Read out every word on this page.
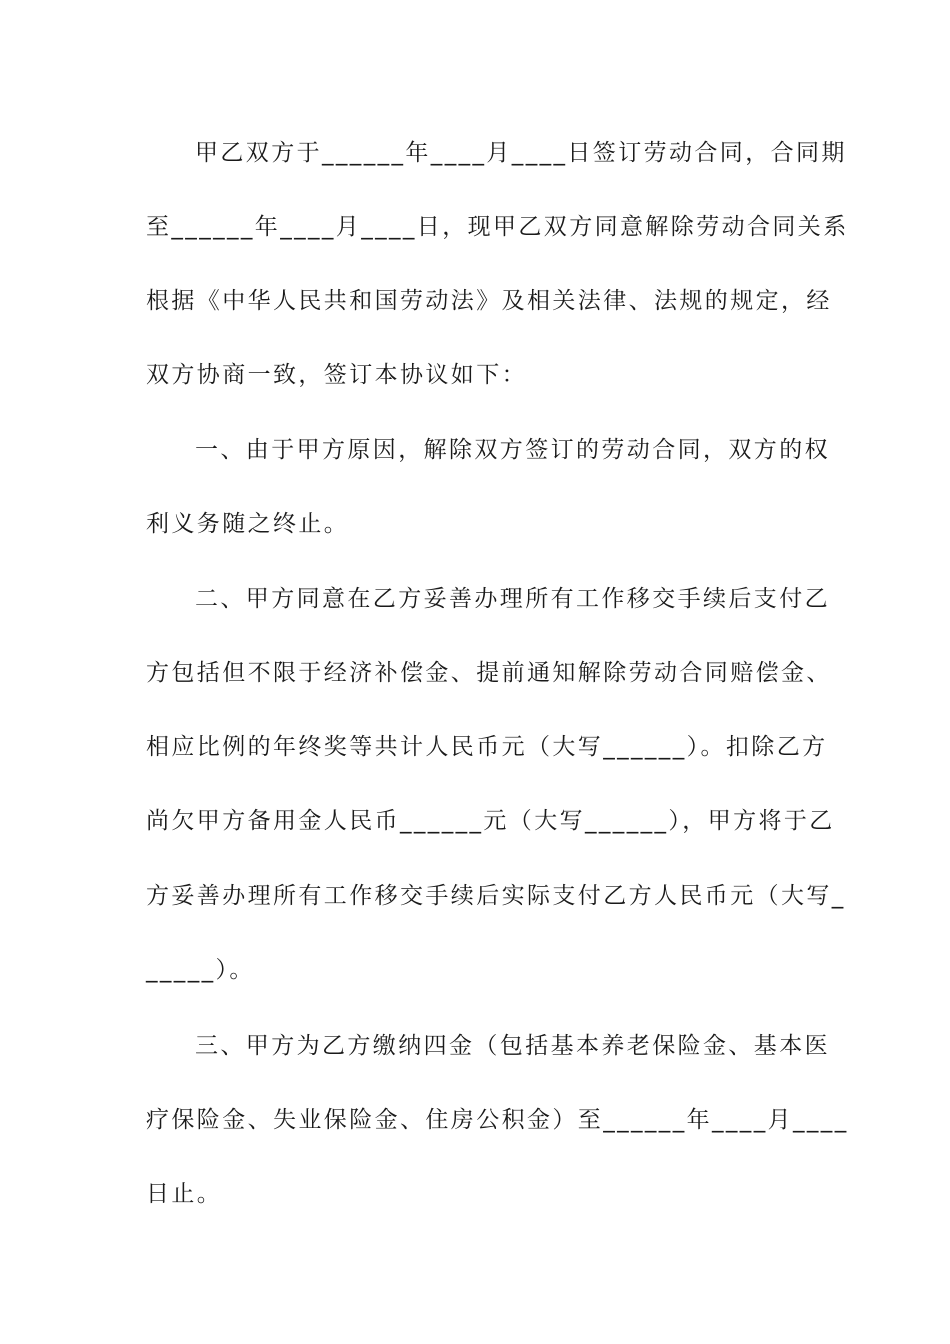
甲乙双方于______年____月____日签订劳动合同，合同期
至______年____月____日，现甲乙双方同意解除劳动合同关系
根据《中华人民共和国劳动法》及相关法律、法规的规定，经
双方协商一致，签订本协议如下：
一、由于甲方原因，解除双方签订的劳动合同，双方的权
利义务随之终止。
二、甲方同意在乙方妥善办理所有工作移交手续后支付乙
方包括但不限于经济补偿金、提前通知解除劳动合同赔偿金、
相应比例的年终奖等共计人民币元（大写______）。扣除乙方
尚欠甲方备用金人民币______元（大写______），甲方将于乙
方妥善办理所有工作移交手续后实际支付乙方人民币元（大写_
_____）。
三、甲方为乙方缴纳四金（包括基本养老保险金、基本医
疗保险金、失业保险金、住房公积金）至______年____月____
日止。
